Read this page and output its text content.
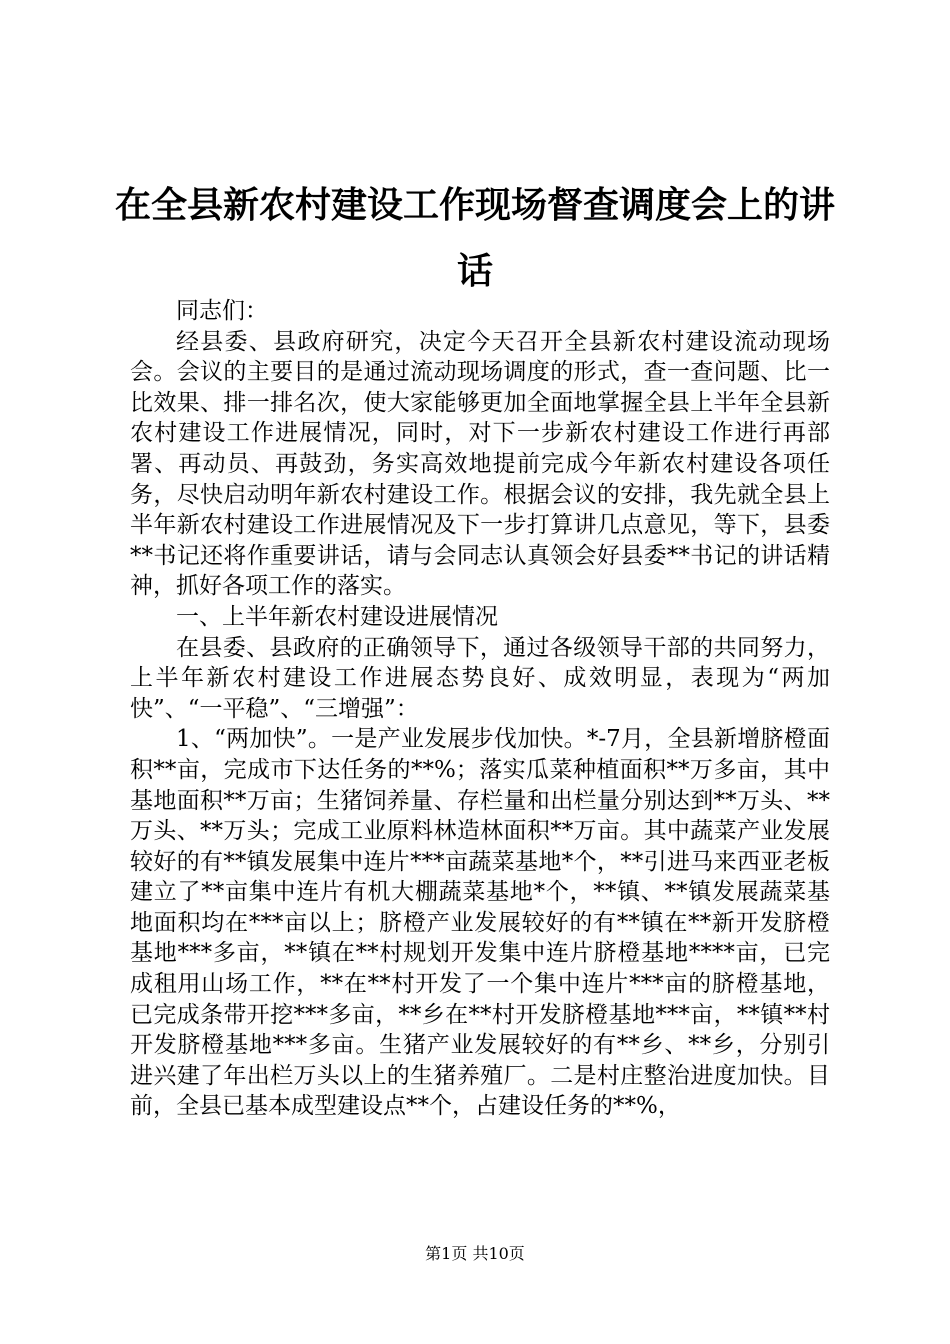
在全县新农村建设工作现场督查调度会上的讲话

同志们：

经县委、县政府研究，决定今天召开全县新农村建设流动现场会。会议的主要目的是通过流动现场调度的形式，查一查问题、比一比效果、排一排名次，使大家能够更加全面地掌握全县上半年全县新农村建设工作进展情况，同时，对下一步新农村建设工作进行再部署、再动员、再鼓劲，务实高效地提前完成今年新农村建设各项任务，尽快启动明年新农村建设工作。根据会议的安排，我先就全县上半年新农村建设工作进展情况及下一步打算讲几点意见，等下，县委**书记还将作重要讲话，请与会同志认真领会好县委**书记的讲话精神，抓好各项工作的落实。

一、上半年新农村建设进展情况

在县委、县政府的正确领导下，通过各级领导干部的共同努力，上半年新农村建设工作进展态势良好、成效明显，表现为“两加快”、“一平稳”、“三增强”：

1、“两加快”。一是产业发展步伐加快。*-7月，全县新增脐橙面积**亩，完成市下达任务的**%；落实瓜菜种植面积**万多亩，其中基地面积**万亩；生猪饲养量、存栏量和出栏量分别达到**万头、**万头、**万头；完成工业原料林造林面积**万亩。其中蔬菜产业发展较好的有**镇发展集中连片***亩蔬菜基地*个，**引进马来西亚老板建立了**亩集中连片有机大棚蔬菜基地*个，**镇、**镇发展蔬菜基地面积均在***亩以上；脐橙产业发展较好的有**镇在**新开发脐橙基地***多亩，**镇在**村规划开发集中连片脐橙基地****亩，已完成租用山场工作，**在**村开发了一个集中连片***亩的脐橙基地，已完成条带开挖***多亩，**乡在**村开发脐橙基地***亩，**镇**村开发脐橙基地***多亩。生猪产业发展较好的有**乡、**乡，分别引进兴建了年出栏万头以上的生猪养殖厂。二是村庄整治进度加快。目前，全县已基本成型建设点**个，占建设任务的**%，

第1页 共10页
